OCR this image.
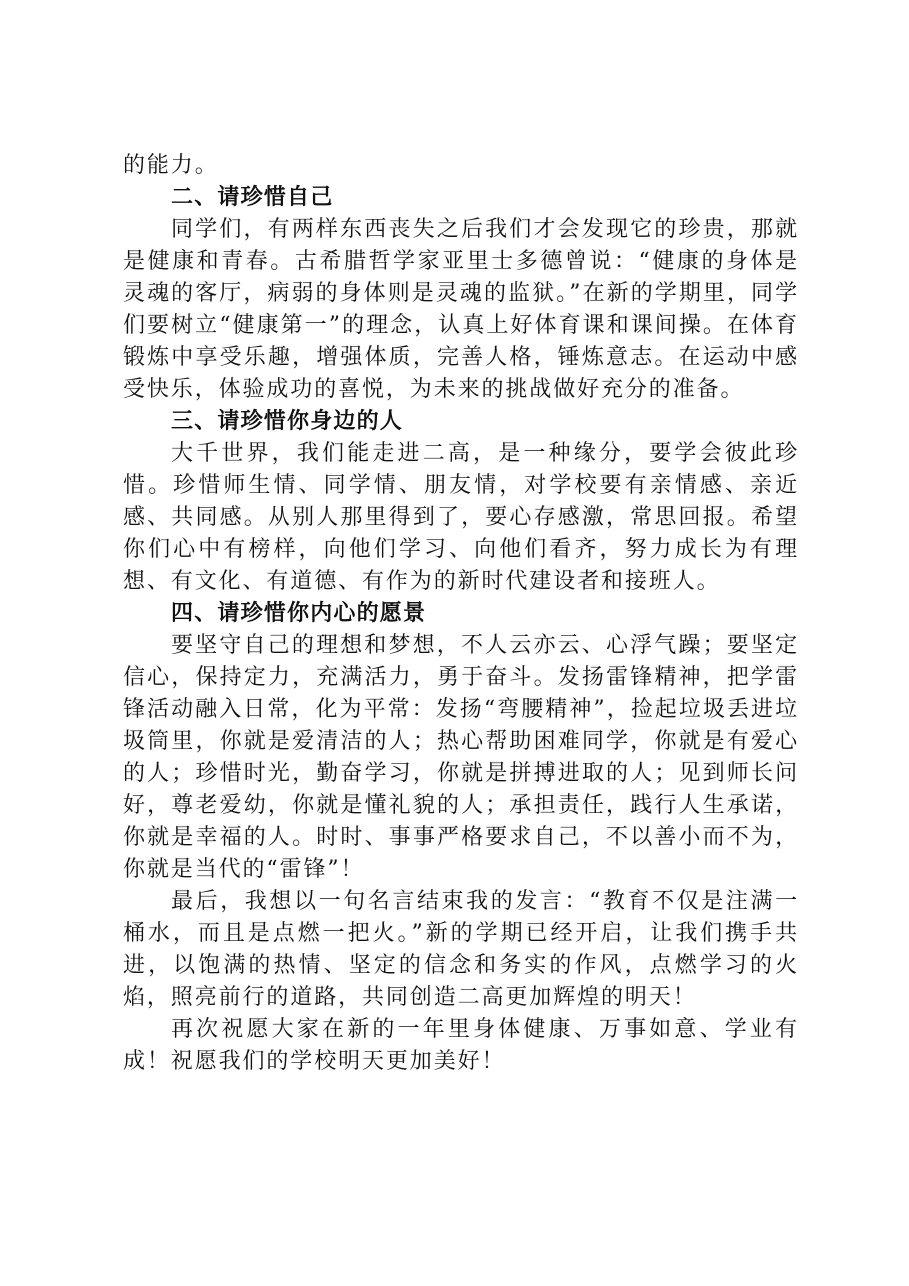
的能力。

二、请珍惜自己

同学们，有两样东西丧失之后我们才会发现它的珍贵，那就是健康和青春。古希腊哲学家亚里士多德曾说：“健康的身体是灵魂的客厅，病弱的身体则是灵魂的监狱。”在新的学期里，同学们要树立“健康第一”的理念，认真上好体育课和课间操。在体育锻炼中享受乐趣，增强体质，完善人格，锤炼意志。在运动中感受快乐，体验成功的喜悦，为未来的挑战做好充分的准备。

三、请珍惜你身边的人

大千世界，我们能走进二高，是一种缘分，要学会彼此珍惜。珍惜师生情、同学情、朋友情，对学校要有亲情感、亲近感、共同感。从别人那里得到了，要心存感激，常思回报。希望你们心中有榜样，向他们学习、向他们看齐，努力成长为有理想、有文化、有道德、有作为的新时代建设者和接班人。

四、请珍惜你内心的愿景

要坚守自己的理想和梦想，不人云亦云、心浮气躁；要坚定信心，保持定力，充满活力，勇于奋斗。发扬雷锋精神，把学雷锋活动融入日常，化为平常：发扬“弯腰精神”，捡起垃圾丢进垃圾筒里，你就是爱清洁的人；热心帮助困难同学，你就是有爱心的人；珍惜时光，勤奋学习，你就是拼搏进取的人；见到师长问好，尊老爱幼，你就是懂礼貌的人；承担责任，践行人生承诺，你就是幸福的人。时时、事事严格要求自己，不以善小而不为，你就是当代的“雷锋”！

最后，我想以一句名言结束我的发言：“教育不仅是注满一桶水，而且是点燃一把火。”新的学期已经开启，让我们携手共进，以饱满的热情、坚定的信念和务实的作风，点燃学习的火焰，照亮前行的道路，共同创造二高更加辉煌的明天！

再次祝愿大家在新的一年里身体健康、万事如意、学业有成！祝愿我们的学校明天更加美好！
